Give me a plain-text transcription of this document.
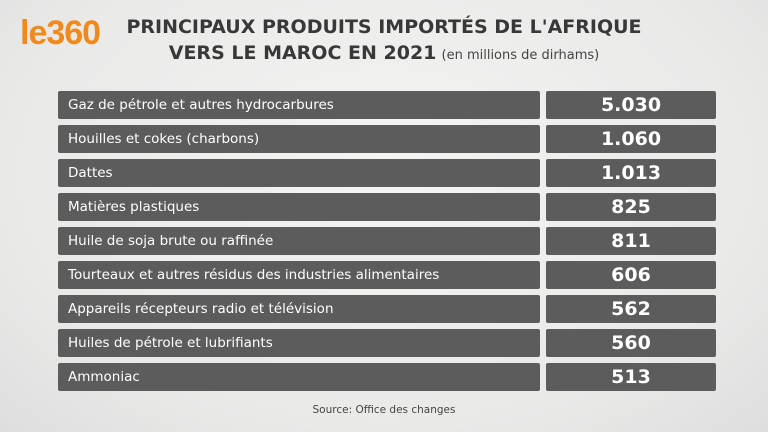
le360	PRINCIPAUX PRODUITS IMPORTÉS DE L'AFRIQUE
VERS LE MAROC EN 2021 (en millions de dirhams)
Gaz de pétrole et autres hydrocarbures	5.030
Houilles et cokes (charbons)	1.060
Dattes	1.013
Matières plastiques	825
Huile de soja brute ou raffinée	811
Tourteaux et autres résidus des industries alimentaires	606
Appareils récepteurs radio et télévision	562
Huiles de pétrole et lubrifiants	560
Ammoniac	513
Source: Office des changes
